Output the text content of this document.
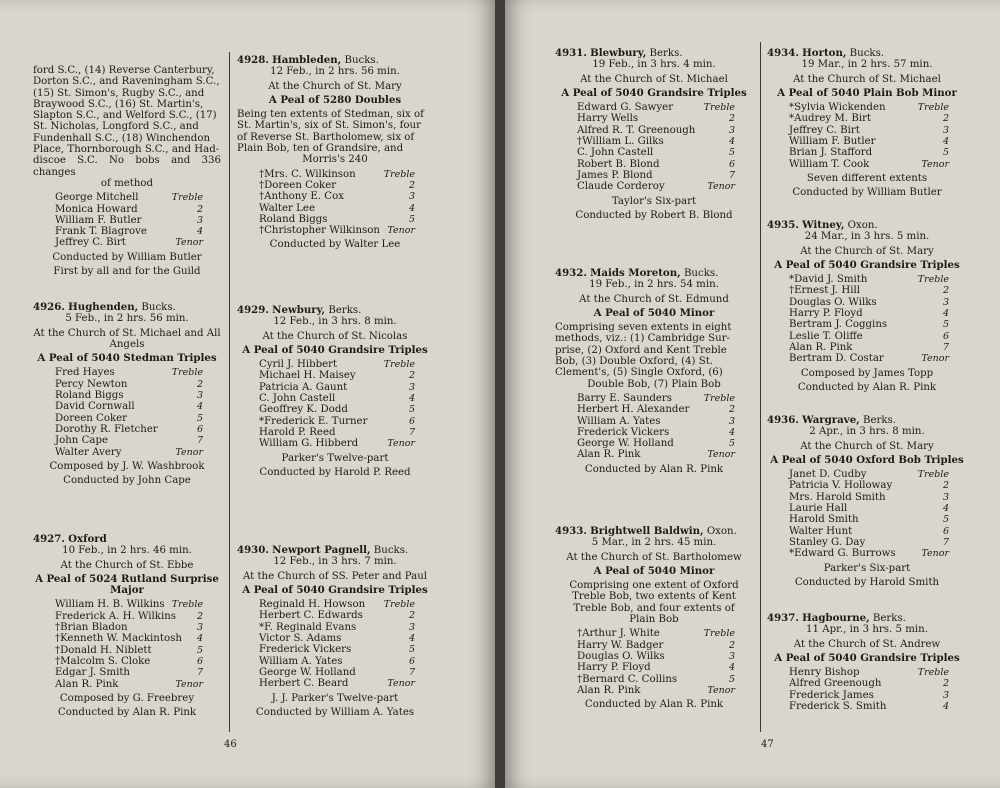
ford S.C., (14) Reverse Canterbury,
Dorton S.C., and Raveningham S.C.,
(15) St. Simon's, Rugby S.C., and
Braywood S.C., (16) St. Martin's,
Slapton S.C., and Welford S.C., (17)
St. Nicholas, Longford S.C., and
Fundenhall S.C., (18) Winchendon
Place, Thornborough S.C., and Had-
discoe S.C. No bobs and 336 changes
of method
George Mitchell	Treble
Monica Howard	2
William F. Butler	3
Frank T. Blagrove	4
Jeffrey C. Birt	Tenor
Conducted by William Butler
First by all and for the Guild
4926. Hughenden, Bucks.
5 Feb., in 2 hrs. 56 min.
At the Church of St. Michael and All
Angels
A Peal of 5040 Stedman Triples
Fred Hayes	Treble
Percy Newton	2
Roland Biggs	3
David Cornwall	4
Doreen Coker	5
Dorothy R. Fletcher	6
John Cape	7
Walter Avery	Tenor
Composed by J. W. Washbrook
Conducted by John Cape
4927. Oxford
10 Feb., in 2 hrs. 46 min.
At the Church of St. Ebbe
A Peal of 5024 Rutland Surprise
Major
William H. B. Wilkins Treble
Frederick A. H. Wilkins 2
†Brian Bladon	3
†Kenneth W. Mackintosh 4
†Donald H. Niblett	5
†Malcolm S. Cloke	6
Edgar J. Smith	7
Alan R. Pink	Tenor
Composed by G. Freebrey
Conducted by Alan R. Pink
4928. Hambleden, Bucks.
12 Feb., in 2 hrs. 56 min.
At the Church of St. Mary
A Peal of 5280 Doubles
Being ten extents of Stedman, six of
St. Martin's, six of St. Simon's, four
of Reverse St. Bartholomew, six of
Plain Bob, ten of Grandsire, and
Morris's 240
†Mrs. C. Wilkinson	Treble
†Doreen Coker	2
†Anthony E. Cox	3
Walter Lee	4
Roland Biggs	5
†Christopher Wilkinson Tenor
Conducted by Walter Lee
4929. Newbury, Berks.
12 Feb., in 3 hrs. 8 min.
At the Church of St. Nicolas
A Peal of 5040 Grandsire Triples
Cyril J. Hibbert	Treble
Michael H. Maisey	2
Patricia A. Gaunt	3
C. John Castell	4
Geoffrey K. Dodd	5
*Frederick E. Turner	6
Harold P. Reed	7
William G. Hibberd	Tenor
Parker's Twelve-part
Conducted by Harold P. Reed
4930. Newport Pagnell, Bucks.
12 Feb., in 3 hrs. 7 min.
At the Church of SS. Peter and Paul
A Peal of 5040 Grandsire Triples
Reginald H. Howson Treble
Herbert C. Edwards	2
*F. Reginald Evans	3
Victor S. Adams	4
Frederick Vickers	5
William A. Yates	6
George W. Holland	7
Herbert C. Beard	Tenor
J. J. Parker's Twelve-part
Conducted by William A. Yates
4931. Blewbury, Berks.
19 Feb., in 3 hrs. 4 min.
At the Church of St. Michael
A Peal of 5040 Grandsire Triples
Edward G. Sawyer	Treble
Harry Wells	2
Alfred R. T. Greenough	3
†William L. Gilks	4
C. John Castell	5
Robert B. Blond	6
James P. Blond	7
Claude Corderoy	Tenor
Taylor's Six-part
Conducted by Robert B. Blond
4932. Maids Moreton, Bucks.
19 Feb., in 2 hrs. 54 min.
At the Church of St. Edmund
A Peal of 5040 Minor
Comprising seven extents in eight
methods, viz.: (1) Cambridge Sur-
prise, (2) Oxford and Kent Treble
Bob, (3) Double Oxford, (4) St.
Clement's, (5) Single Oxford, (6)
Double Bob, (7) Plain Bob
Barry E. Saunders	Treble
Herbert H. Alexander	2
William A. Yates	3
Frederick Vickers	4
George W. Holland	5
Alan R. Pink	Tenor
Conducted by Alan R. Pink
4933. Brightwell Baldwin, Oxon.
5 Mar., in 2 hrs. 45 min.
At the Church of St. Bartholomew
A Peal of 5040 Minor
Comprising one extent of Oxford
Treble Bob, two extents of Kent
Treble Bob, and four extents of
Plain Bob
†Arthur J. White	Treble
Harry W. Badger	2
Douglas O. Wilks	3
Harry P. Floyd	4
†Bernard C. Collins	5
Alan R. Pink	Tenor
Conducted by Alan R. Pink
4934. Horton, Bucks.
19 Mar., in 2 hrs. 57 min.
At the Church of St. Michael
A Peal of 5040 Plain Bob Minor
*Sylvia Wickenden	Treble
*Audrey M. Birt	2
Jeffrey C. Birt	3
William F. Butler	4
Brian J. Stafford	5
William T. Cook	Tenor
Seven different extents
Conducted by William Butler
4935. Witney, Oxon.
24 Mar., in 3 hrs. 5 min.
At the Church of St. Mary
A Peal of 5040 Grandsire Triples
*David J. Smith	Treble
†Ernest J. Hill	2
Douglas O. Wilks	3
Harry P. Floyd	4
Bertram J. Coggins	5
Leslie T. Oliffe	6
Alan R. Pink	7
Bertram D. Costar	Tenor
Composed by James Topp
Conducted by Alan R. Pink
4936. Wargrave, Berks.
2 Apr., in 3 hrs. 8 min.
At the Church of St. Mary
A Peal of 5040 Oxford Bob Triples
Janet D. Cudby	Treble
Patricia V. Holloway	2
Mrs. Harold Smith	3
Laurie Hall	4
Harold Smith	5
Walter Hunt	6
Stanley G. Day	7
*Edward G. Burrows	Tenor
Parker's Six-part
Conducted by Harold Smith
4937. Hagbourne, Berks.
11 Apr., in 3 hrs. 5 min.
At the Church of St. Andrew
A Peal of 5040 Grandsire Triples
Henry Bishop	Treble
Alfred Greenough	2
Frederick James	3
Frederick S. Smith	4
46	47
